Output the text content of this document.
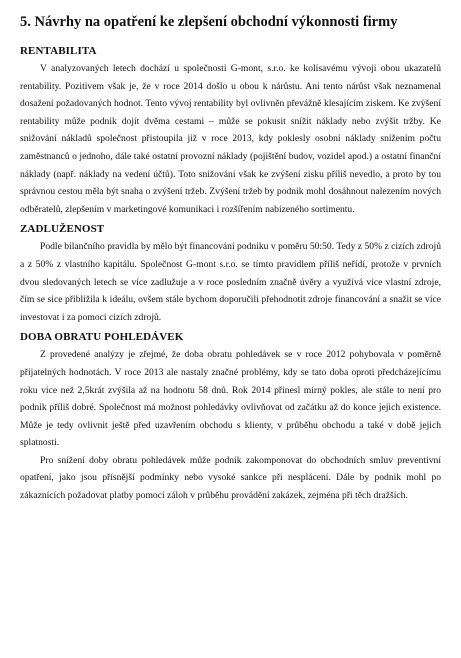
5. Návrhy na opatření ke zlepšení obchodní výkonnosti firmy
RENTABILITA

V analyzovaných letech dochází u společnosti G-mont, s.r.o. ke kolísavému vývoji obou ukazatelů rentability. Pozitivem však je, že v roce 2014 došlo u obou k nárůstu. Ani tento nárůst však neznamenal dosažení požadovaných hodnot. Tento vývoj rentability byl ovlivněn převážně klesajícím ziskem. Ke zvýšení rentability může podnik dojít dvěma cestami – může se pokusit snížit náklady nebo zvýšit tržby. Ke snižování nákladů společnost přistoupila již v roce 2013, kdy poklesly osobní náklady snížením počtu zaměstnanců o jednoho, dále také ostatní provozní náklady (pojištění budov, vozidel apod.) a ostatní finanční náklady (např. náklady na vedení účtů). Toto snižování však ke zvýšení zisku příliš nevedlo, a proto by tou správnou cestou měla být snaha o zvýšení tržeb. Zvýšení tržeb by podnik mohl dosáhnout nalezením nových odběratelů, zlepšením v marketingové komunikaci i rozšířením nabízeného sortimentu.

ZADLUŽENOST

Podle bilančního pravidla by mělo být financování podniku v poměru 50:50. Tedy z 50% z cizích zdrojů a z 50% z vlastního kapitálu. Společnost G-mont s.r.o. se tímto pravidlem příliš neřídí, protože v prvních dvou sledovaných letech se více zadlužuje a v roce posledním značně úvěry a využívá více vlastní zdroje, čím se sice přibližila k ideálu, ovšem stále bychom doporučili přehodnotit zdroje financování a snažit se více investovat i za pomoci cizích zdrojů.

DOBA OBRATU POHLEDÁVEK

Z provedené analýzy je zřejmé, že doba obratu pohledávek se v roce 2012 pohybovala v poměrně přijatelných hodnotách. V roce 2013 ale nastaly značné problémy, kdy se tato doba oproti předcházejícímu roku více než 2,5krát zvýšila až na hodnotu 58 dnů. Rok 2014 přinesl mírný pokles, ale stále to není pro podnik příliš dobré. Společnost má možnost pohledávky ovlivňovat od začátku až do konce jejich existence. Může je tedy ovlivnit ještě před uzavřením obchodu s klienty, v průběhu obchodu a také v době jejich splatnosti.

Pro snížení doby obratu pohledávek může podnik zakomponovat do obchodních smluv preventivní opatření, jako jsou přísnější podmínky nebo vysoké sankce při nesplácení. Dále by podnik mohl po zákaznících požadovat platby pomocí záloh v průběhu provádění zakázek, zejména při těch dražších.
